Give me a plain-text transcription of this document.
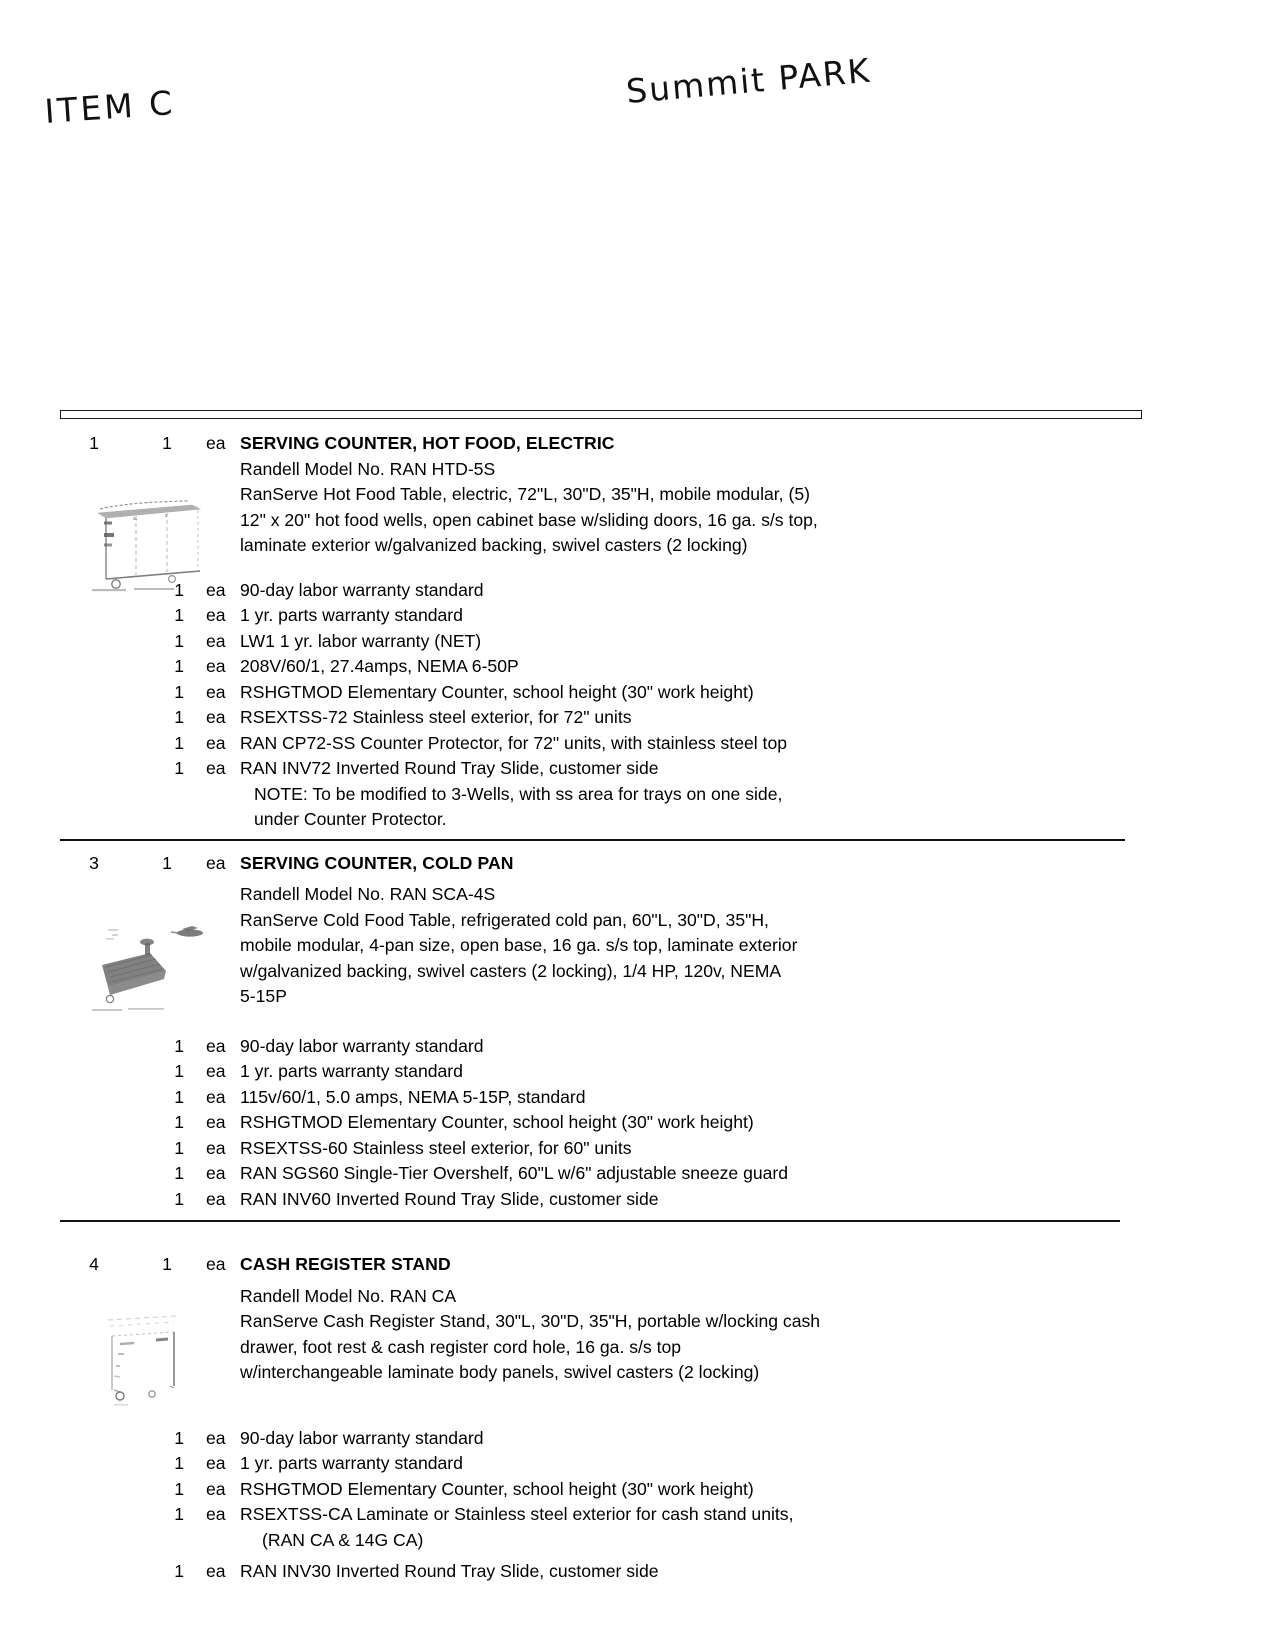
ITEM C	Summit PARK
1	1	ea SERVING COUNTER, HOT FOOD, ELECTRIC
Randell Model No. RAN HTD-5S
RanServe Hot Food Table, electric, 72"L, 30"D, 35"H, mobile modular, (5)
12" x 20" hot food wells, open cabinet base w/sliding doors, 16 ga. s/s top,
laminate exterior w/galvanized backing, swivel casters (2 locking)
1	ea 90-day labor warranty standard
1	ea 1 yr. parts warranty standard
1	ea LW1 1 yr. labor warranty (NET)
1	ea 208V/60/1, 27.4amps, NEMA 6-50P
1	ea RSHGTMOD Elementary Counter, school height (30" work height)
1	ea RSEXTSS-72 Stainless steel exterior, for 72" units
1	ea RAN CP72-SS Counter Protector, for 72" units, with stainless steel top
1	ea RAN INV72 Inverted Round Tray Slide, customer side
NOTE: To be modified to 3-Wells, with ss area for trays on one side,
under Counter Protector.
3	1	ea SERVING COUNTER, COLD PAN
Randell Model No. RAN SCA-4S
RanServe Cold Food Table, refrigerated cold pan, 60"L, 30"D, 35"H,
mobile modular, 4-pan size, open base, 16 ga. s/s top, laminate exterior
w/galvanized backing, swivel casters (2 locking), 1/4 HP, 120v, NEMA
5-15P
1	ea 90-day labor warranty standard
1	ea 1 yr. parts warranty standard
1	ea 115v/60/1, 5.0 amps, NEMA 5-15P, standard
1	ea RSHGTMOD Elementary Counter, school height (30" work height)
1	ea RSEXTSS-60 Stainless steel exterior, for 60" units
1	ea RAN SGS60 Single-Tier Overshelf, 60"L w/6" adjustable sneeze guard
1	ea RAN INV60 Inverted Round Tray Slide, customer side
4	1	ea CASH REGISTER STAND
Randell Model No. RAN CA
RanServe Cash Register Stand, 30"L, 30"D, 35"H, portable w/locking cash
drawer, foot rest & cash register cord hole, 16 ga. s/s top
w/interchangeable laminate body panels, swivel casters (2 locking)
1	ea 90-day labor warranty standard
1	ea 1 yr. parts warranty standard
1	ea RSHGTMOD Elementary Counter, school height (30" work height)
1	ea RSEXTSS-CA Laminate or Stainless steel exterior for cash stand units,
(RAN CA & 14G CA)
1	ea RAN INV30 Inverted Round Tray Slide, customer side
